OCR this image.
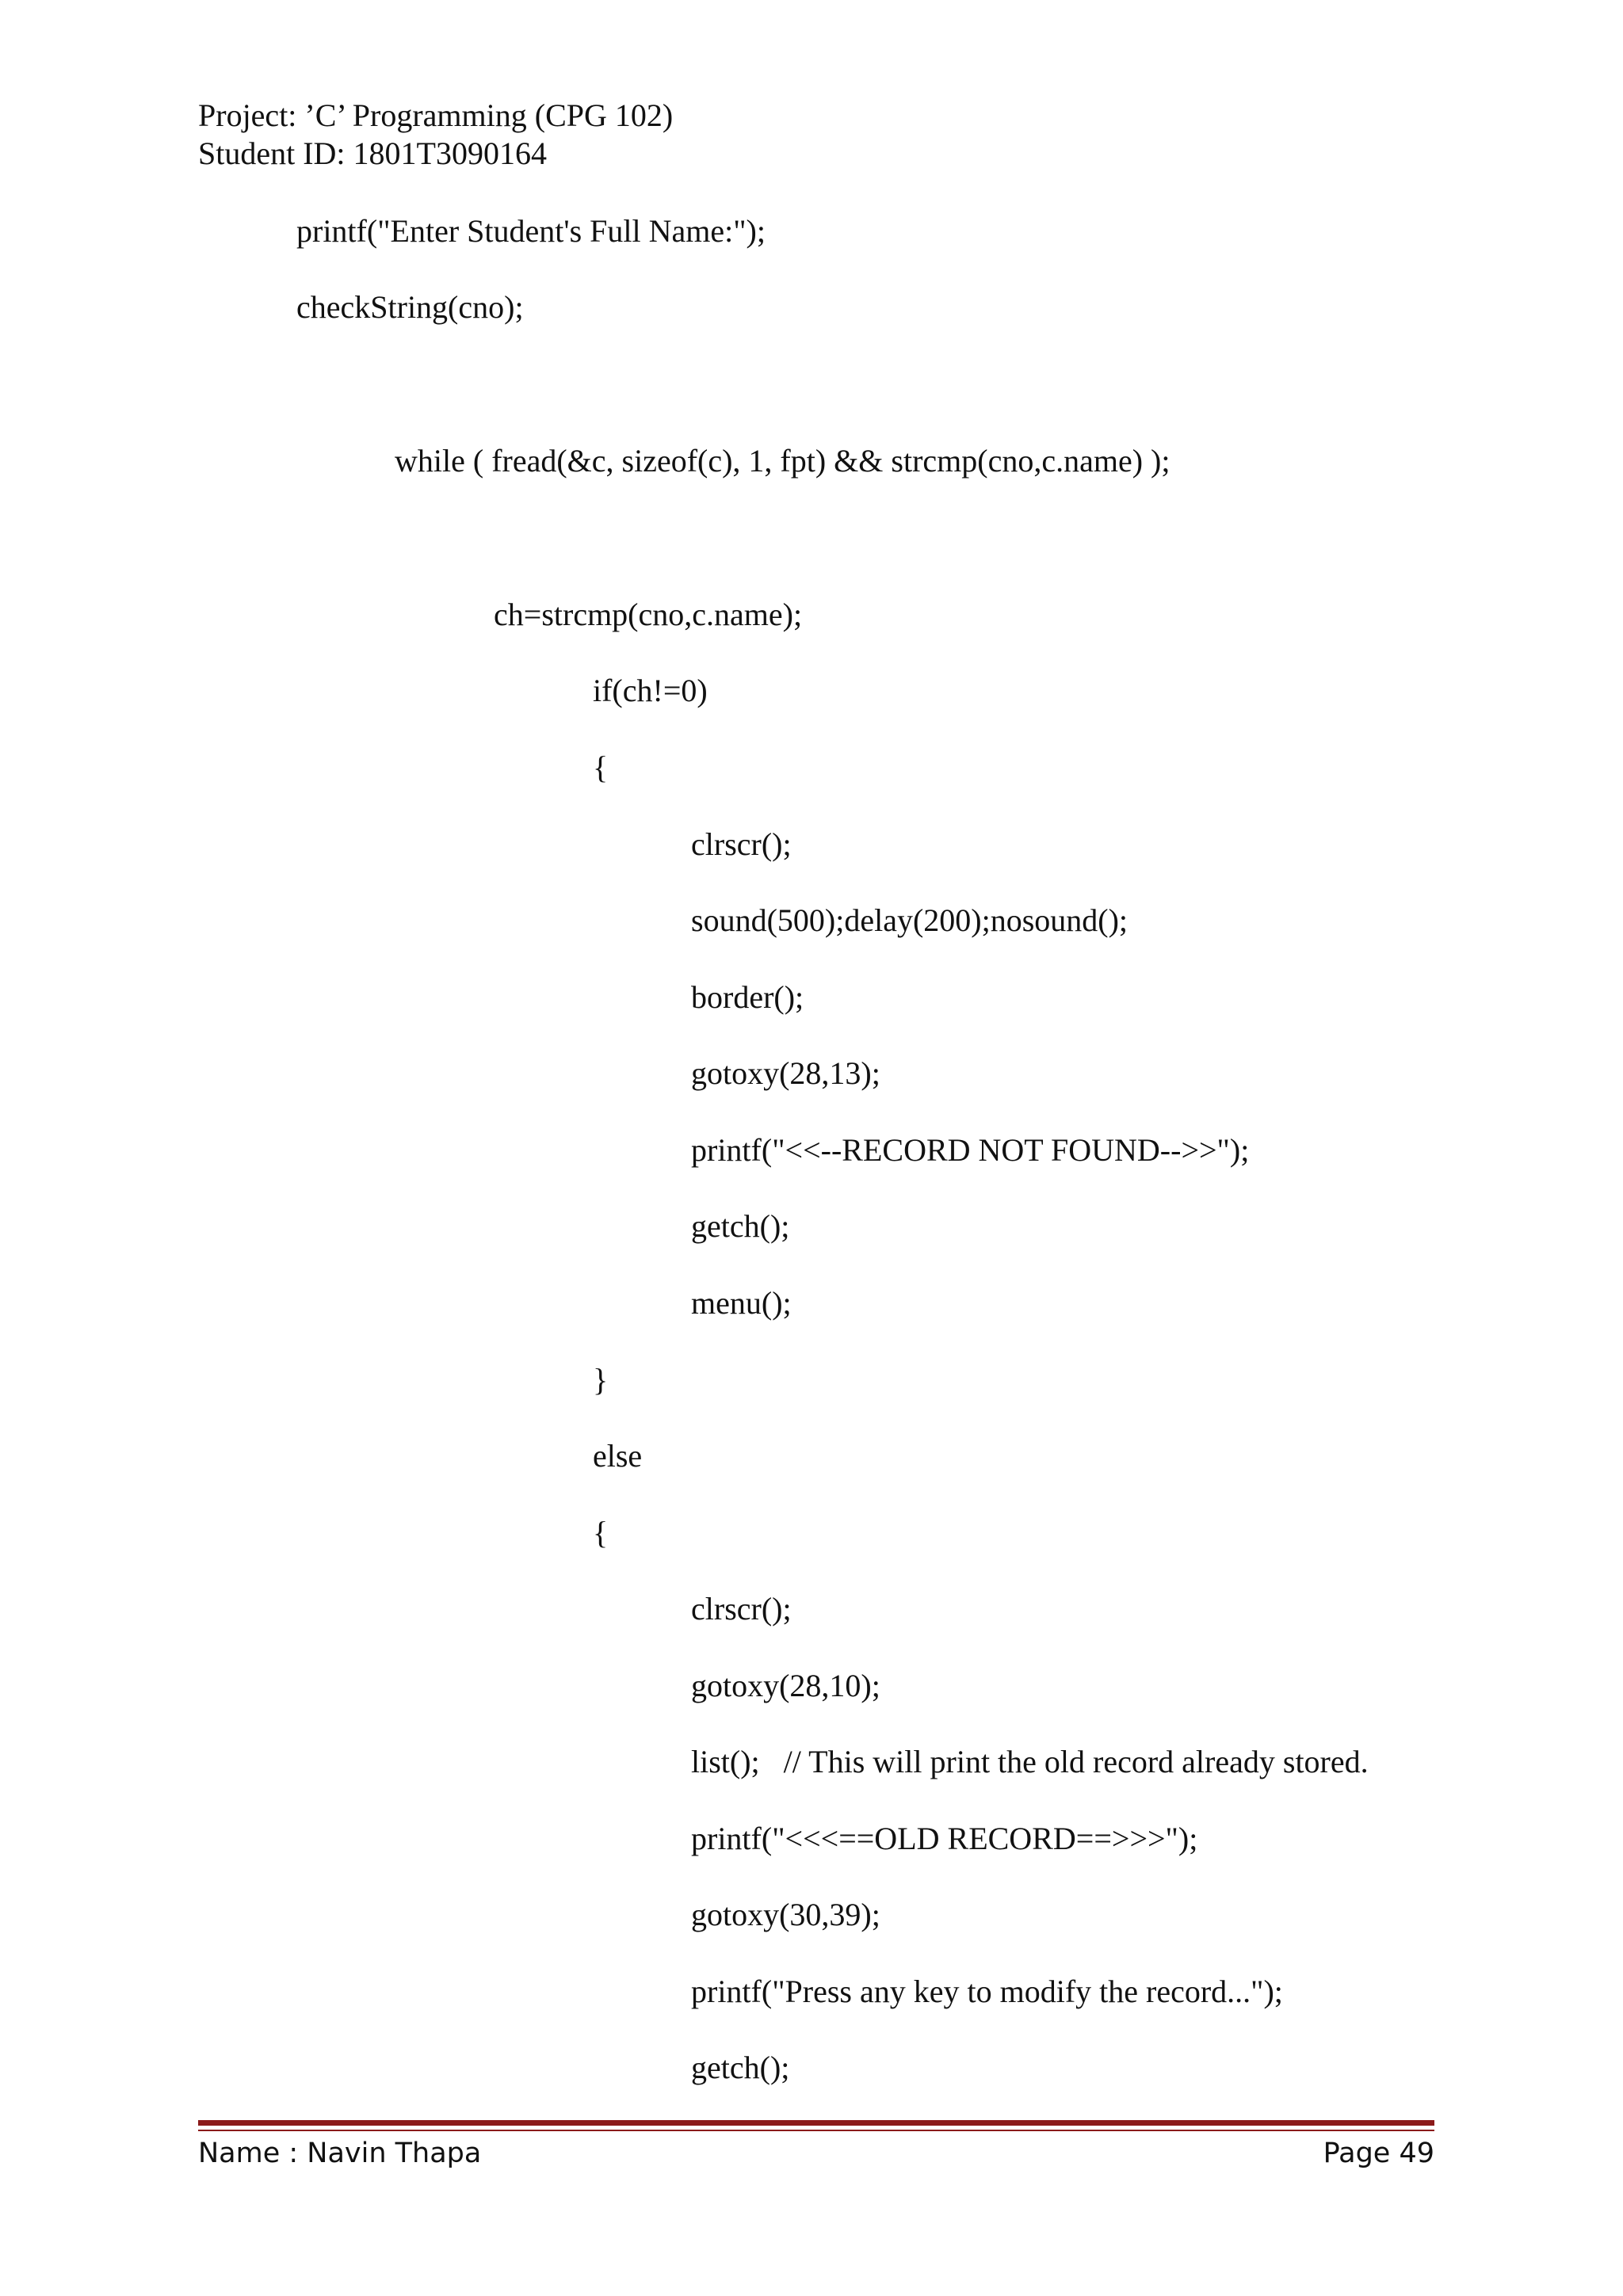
Project: ’C’ Programming (CPG 102)
Student ID: 1801T3090164
printf("Enter Student's Full Name:");
checkString(cno);
while ( fread(&c, sizeof(c), 1, fpt) && strcmp(cno,c.name) );
ch=strcmp(cno,c.name);
if(ch!=0)
{
clrscr();
sound(500);delay(200);nosound();
border();
gotoxy(28,13);
printf("<<--RECORD NOT FOUND-->>");
getch();
menu();
}
else
{
clrscr();
gotoxy(28,10);
list();   // This will print the old record already stored.
printf("<<<==OLD RECORD==>>>");
gotoxy(30,39);
printf("Press any key to modify the record...");
getch();
Name : Navin Thapa	Page 49
